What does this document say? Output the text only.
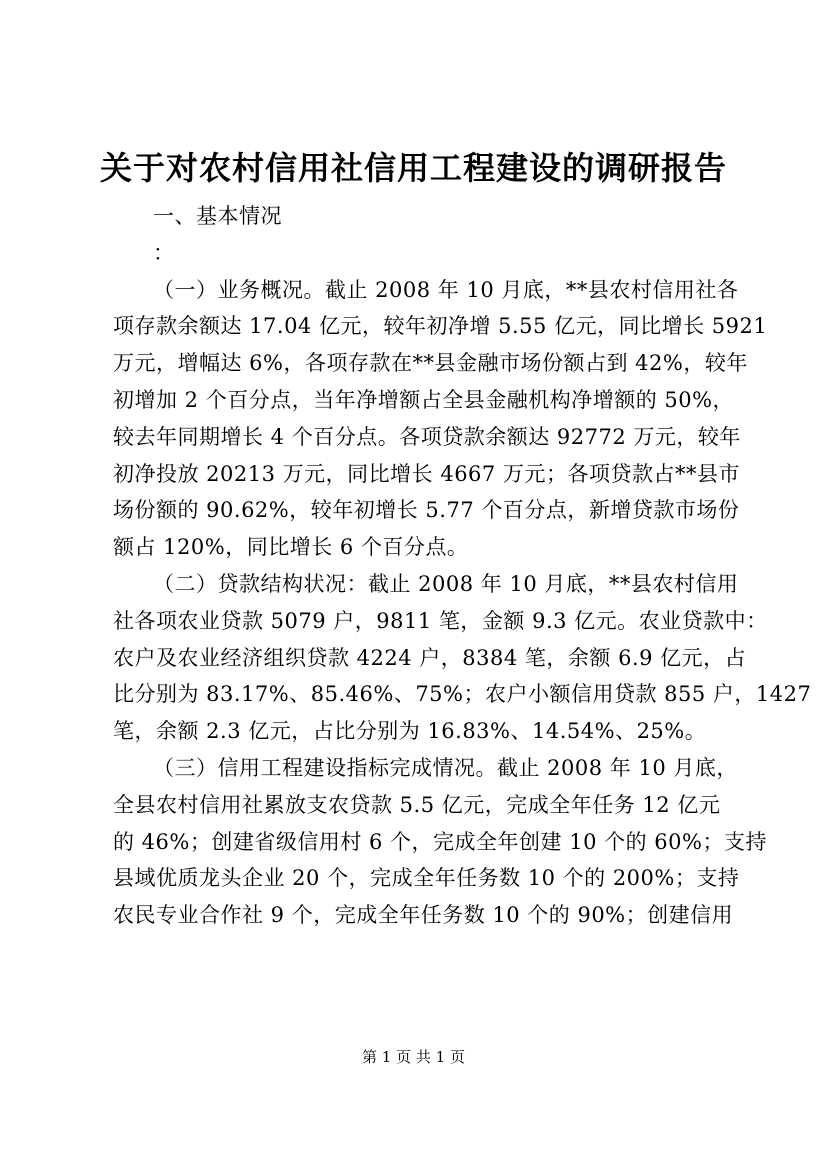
关于对农村信用社信用工程建设的调研报告
一、基本情况
：
（一）业务概况。截止 2008 年 10 月底，**县农村信用社各
项存款余额达 17.04 亿元，较年初净增 5.55 亿元，同比增长 5921
万元，增幅达 6%，各项存款在**县金融市场份额占到 42%，较年
初增加 2 个百分点，当年净增额占全县金融机构净增额的 50%，
较去年同期增长 4 个百分点。各项贷款余额达 92772 万元，较年
初净投放 20213 万元，同比增长 4667 万元；各项贷款占**县市
场份额的 90.62%，较年初增长 5.77 个百分点，新增贷款市场份
额占 120%，同比增长 6 个百分点。
（二）贷款结构状况：截止 2008 年 10 月底，**县农村信用
社各项农业贷款 5079 户，9811 笔，金额 9.3 亿元。农业贷款中：
农户及农业经济组织贷款 4224 户，8384 笔，余额 6.9 亿元，占
比分别为 83.17%、85.46%、75%；农户小额信用贷款 855 户，1427
笔，余额 2.3 亿元，占比分别为 16.83%、14.54%、25%。
（三）信用工程建设指标完成情况。截止 2008 年 10 月底，
全县农村信用社累放支农贷款 5.5 亿元，完成全年任务 12 亿元
的 46%；创建省级信用村 6 个，完成全年创建 10 个的 60%；支持
县域优质龙头企业 20 个，完成全年任务数 10 个的 200%；支持
农民专业合作社 9 个，完成全年任务数 10 个的 90%；创建信用
第 1 页 共 1 页
